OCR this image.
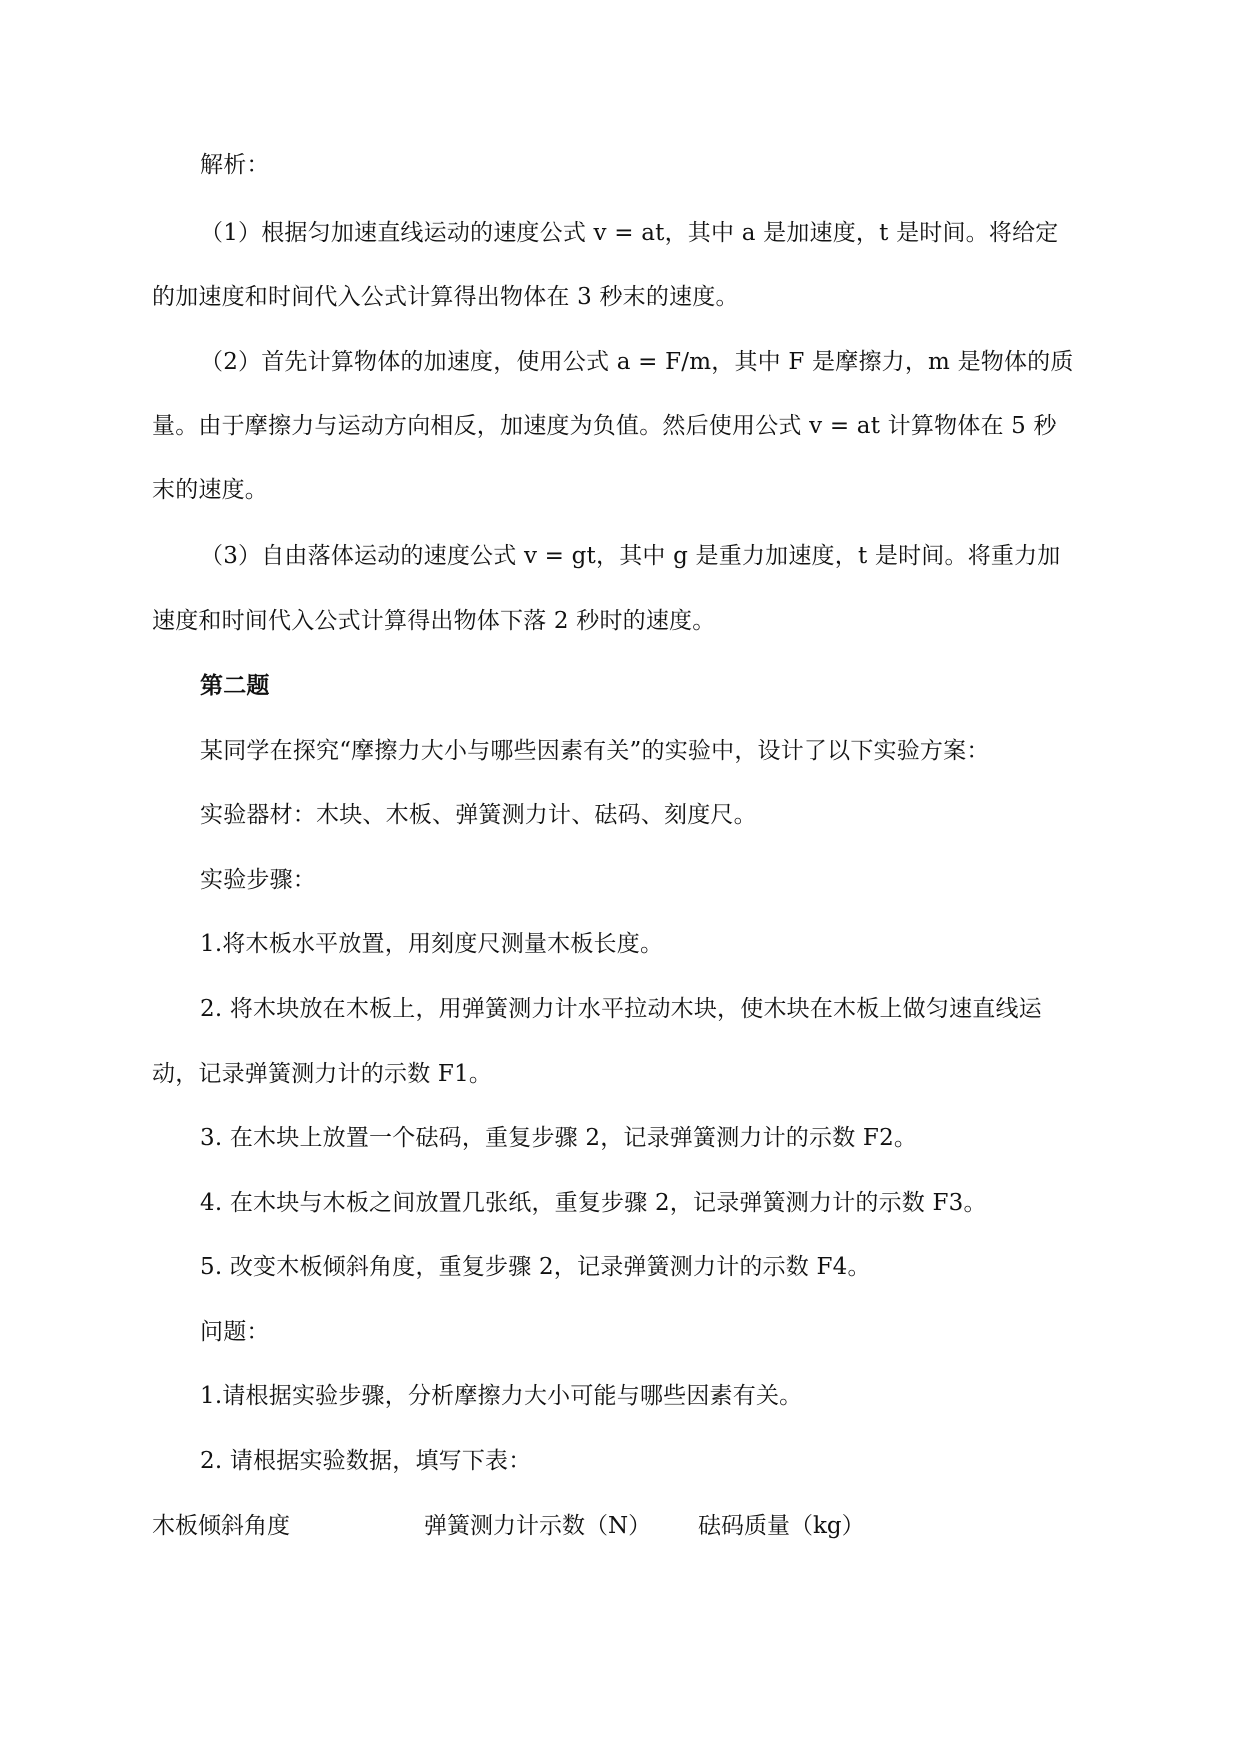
解析：
（1）根据匀加速直线运动的速度公式 v = at，其中 a 是加速度，t 是时间。将给定
的加速度和时间代入公式计算得出物体在 3 秒末的速度。
（2）首先计算物体的加速度，使用公式 a = F/m，其中 F 是摩擦力，m 是物体的质
量。由于摩擦力与运动方向相反，加速度为负值。然后使用公式 v = at 计算物体在 5 秒
末的速度。
（3）自由落体运动的速度公式 v = gt，其中 g 是重力加速度，t 是时间。将重力加
速度和时间代入公式计算得出物体下落 2 秒时的速度。
第二题
某同学在探究“摩擦力大小与哪些因素有关”的实验中，设计了以下实验方案：
实验器材：木块、木板、弹簧测力计、砝码、刻度尺。
实验步骤：
1.将木板水平放置，用刻度尺测量木板长度。
2. 将木块放在木板上，用弹簧测力计水平拉动木块，使木块在木板上做匀速直线运
动，记录弹簧测力计的示数 F1。
3. 在木块上放置一个砝码，重复步骤 2，记录弹簧测力计的示数 F2。
4. 在木块与木板之间放置几张纸，重复步骤 2，记录弹簧测力计的示数 F3。
5. 改变木板倾斜角度，重复步骤 2，记录弹簧测力计的示数 F4。
问题：
1.请根据实验步骤，分析摩擦力大小可能与哪些因素有关。
2. 请根据实验数据，填写下表：
木板倾斜角度	弹簧测力计示数（N） 砝码质量（kg）
